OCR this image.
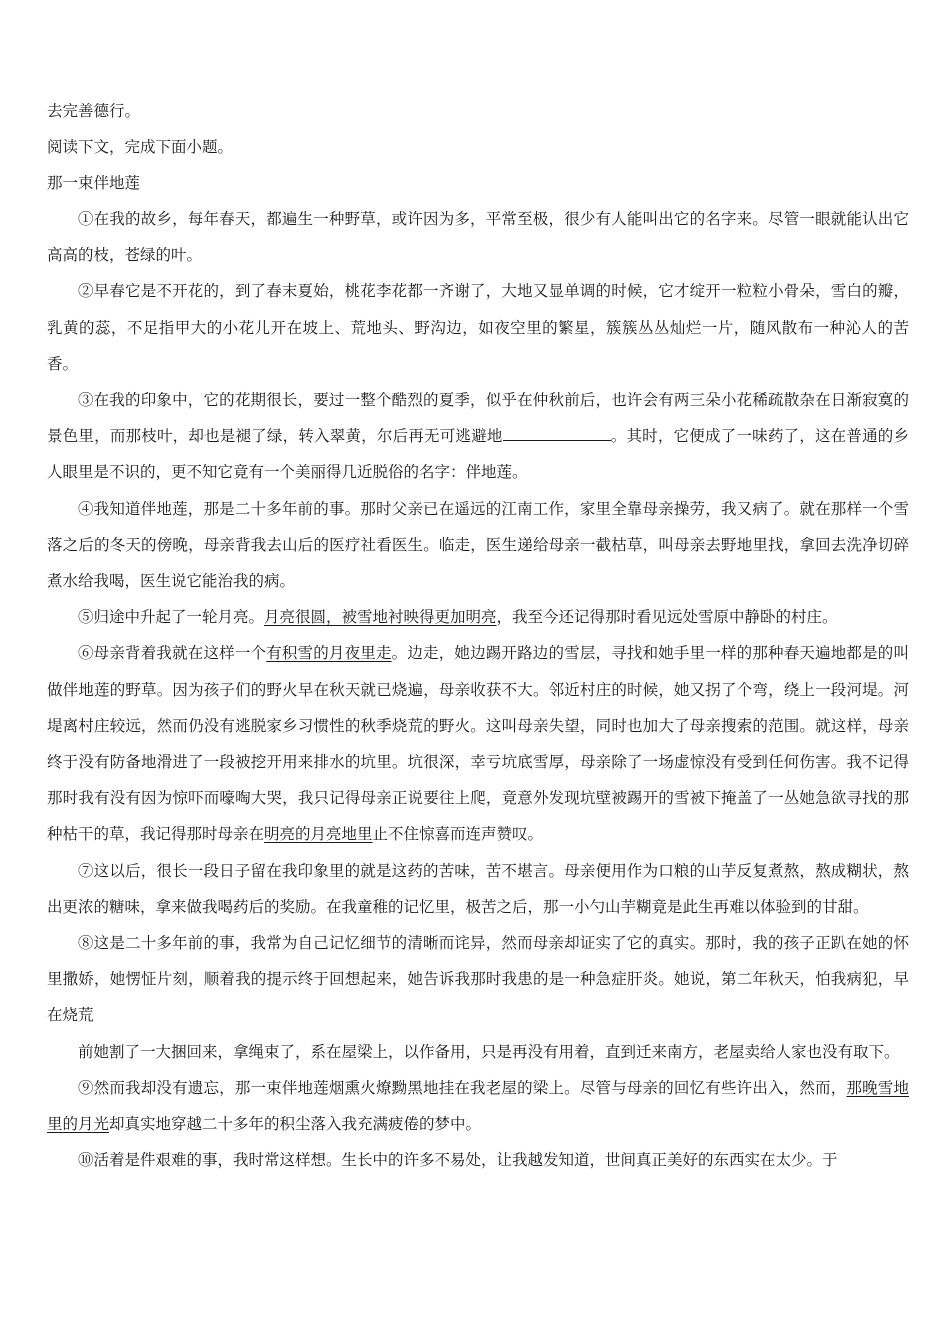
去完善德行。

阅读下文，完成下面小题。

那一束伴地莲

①在我的故乡，每年春天，都遍生一种野草，或许因为多，平常至极，很少有人能叫出它的名字来。尽管一眼就能认出它高高的枝，苍绿的叶。

②早春它是不开花的，到了春末夏始，桃花李花都一齐谢了，大地又显单调的时候，它才绽开一粒粒小骨朵，雪白的瓣，乳黄的蕊，不足指甲大的小花儿开在坡上、荒地头、野沟边，如夜空里的繁星，簇簇丛丛灿烂一片，随风散布一种沁人的苦香。

③在我的印象中，它的花期很长，要过一整个酷烈的夏季，似乎在仲秋前后，也许会有两三朵小花稀疏散杂在日渐寂寞的景色里，而那枝叶，却也是褪了绿，转入翠黄，尔后再无可逃避地	。其时，它便成了一味药了，这在普通的乡人眼里是不识的，更不知它竟有一个美丽得几近脱俗的名字：伴地莲。

④我知道伴地莲，那是二十多年前的事。那时父亲已在遥远的江南工作，家里全靠母亲操劳，我又病了。就在那样一个雪落之后的冬天的傍晚，母亲背我去山后的医疗社看医生。临走，医生递给母亲一截枯草，叫母亲去野地里找，拿回去洗净切碎煮水给我喝，医生说它能治我的病。

⑤归途中升起了一轮月亮。月亮很圆，被雪地衬映得更加明亮，我至今还记得那时看见远处雪原中静卧的村庄。

⑥母亲背着我就在这样一个有积雪的月夜里走。边走，她边踢开路边的雪层，寻找和她手里一样的那种春天遍地都是的叫做伴地莲的野草。因为孩子们的野火早在秋天就已烧遍，母亲收获不大。邻近村庄的时候，她又拐了个弯，绕上一段河堤。河堤离村庄较远，然而仍没有逃脱家乡习惯性的秋季烧荒的野火。这叫母亲失望，同时也加大了母亲搜索的范围。就这样，母亲终于没有防备地滑进了一段被挖开用来排水的坑里。坑很深，幸亏坑底雪厚，母亲除了一场虚惊没有受到任何伤害。我不记得那时我有没有因为惊吓而嚎啕大哭，我只记得母亲正说要往上爬，竟意外发现坑壁被踢开的雪被下掩盖了一丛她急欲寻找的那种枯干的草，我记得那时母亲在明亮的月亮地里止不住惊喜而连声赞叹。

⑦这以后，很长一段日子留在我印象里的就是这药的苦味，苦不堪言。母亲便用作为口粮的山芋反复煮熬，熬成糊状，熬出更浓的糖味，拿来做我喝药后的奖励。在我童稚的记忆里，极苦之后，那一小勺山芋糊竟是此生再难以体验到的甘甜。

⑧这是二十多年前的事，我常为自己记忆细节的清晰而诧异，然而母亲却证实了它的真实。那时，我的孩子正趴在她的怀里撒娇，她愣怔片刻，顺着我的提示终于回想起来，她告诉我那时我患的是一种急症肝炎。她说，第二年秋天，怕我病犯，早在烧荒

前她割了一大捆回来，拿绳束了，系在屋梁上，以作备用，只是再没有用着，直到迁来南方，老屋卖给人家也没有取下。

⑨然而我却没有遗忘，那一束伴地莲烟熏火燎黝黑地挂在我老屋的梁上。尽管与母亲的回忆有些许出入，然而，那晚雪地里的月光却真实地穿越二十多年的积尘落入我充满疲倦的梦中。

⑩活着是件艰难的事，我时常这样想。生长中的许多不易处，让我越发知道，世间真正美好的东西实在太少。于
